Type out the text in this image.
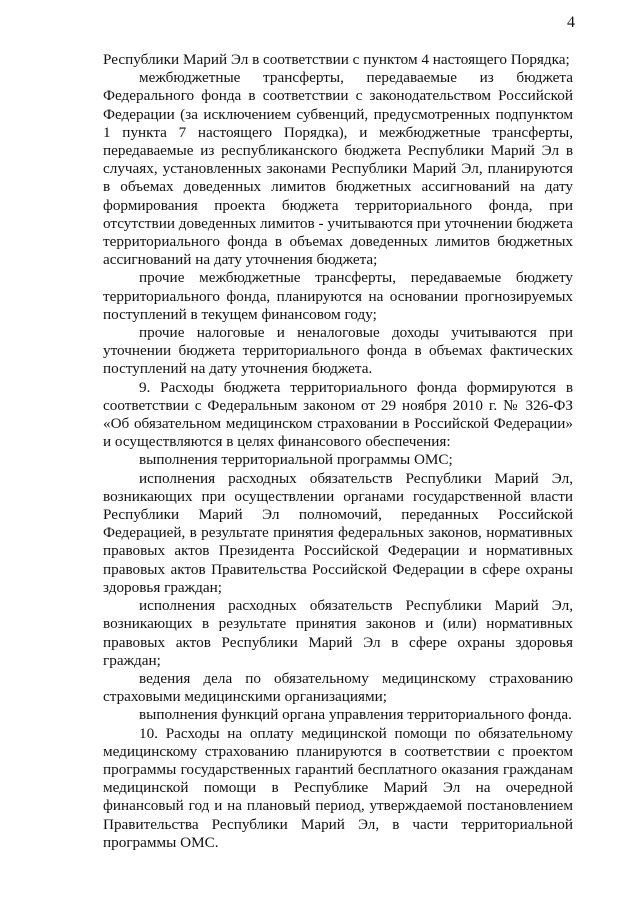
4

Республики Марий Эл в соответствии с пунктом 4 настоящего Порядка;

межбюджетные трансферты, передаваемые из бюджета Федерального фонда в соответствии с законодательством Российской Федерации (за исключением субвенций, предусмотренных подпунктом 1 пункта 7 настоящего Порядка), и межбюджетные трансферты, передаваемые из республиканского бюджета Республики Марий Эл в случаях, установленных законами Республики Марий Эл, планируются в объемах доведенных лимитов бюджетных ассигнований на дату формирования проекта бюджета территориального фонда, при отсутствии доведенных лимитов - учитываются при уточнении бюджета территориального фонда в объемах доведенных лимитов бюджетных ассигнований на дату уточнения бюджета;

прочие межбюджетные трансферты, передаваемые бюджету территориального фонда, планируются на основании прогнозируемых поступлений в текущем финансовом году;

прочие налоговые и неналоговые доходы учитываются при уточнении бюджета территориального фонда в объемах фактических поступлений на дату уточнения бюджета.

9. Расходы бюджета территориального фонда формируются в соответствии с Федеральным законом от 29 ноября 2010 г. № 326-ФЗ «Об обязательном медицинском страховании в Российской Федерации» и осуществляются в целях финансового обеспечения:

выполнения территориальной программы ОМС;

исполнения расходных обязательств Республики Марий Эл, возникающих при осуществлении органами государственной власти Республики Марий Эл полномочий, переданных Российской Федерацией, в результате принятия федеральных законов, нормативных правовых актов Президента Российской Федерации и нормативных правовых актов Правительства Российской Федерации в сфере охраны здоровья граждан;

исполнения расходных обязательств Республики Марий Эл, возникающих в результате принятия законов и (или) нормативных правовых актов Республики Марий Эл в сфере охраны здоровья граждан;

ведения дела по обязательному медицинскому страхованию страховыми медицинскими организациями;

выполнения функций органа управления территориального фонда.

10. Расходы на оплату медицинской помощи по обязательному медицинскому страхованию планируются в соответствии с проектом программы государственных гарантий бесплатного оказания гражданам медицинской помощи в Республике Марий Эл на очередной финансовый год и на плановый период, утверждаемой постановлением Правительства Республики Марий Эл, в части территориальной программы ОМС.
